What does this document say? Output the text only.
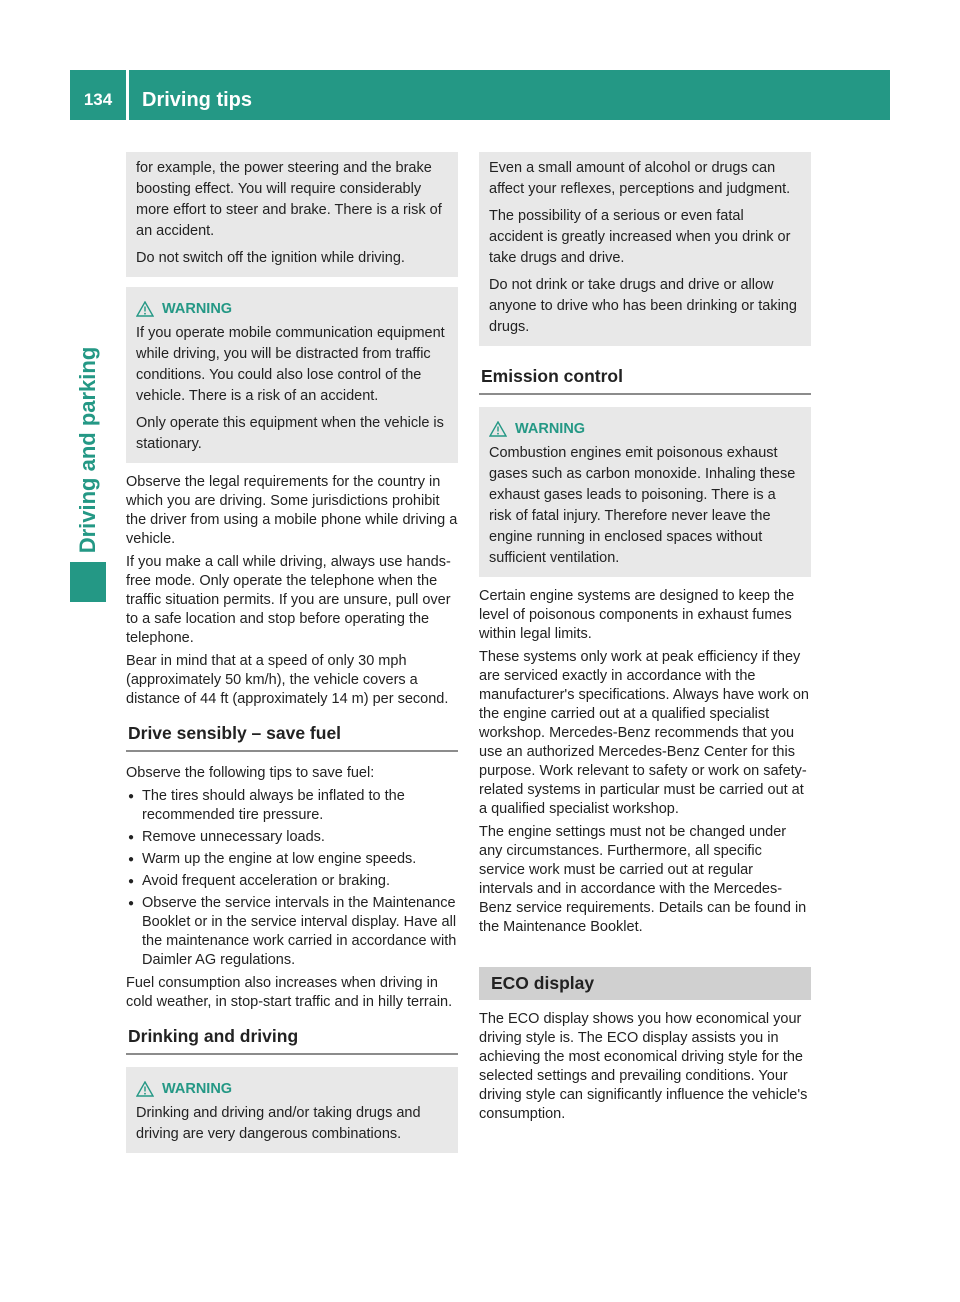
134	Driving tips
Driving and parking

for example, the power steering and the brake boosting effect. You will require considerably more effort to steer and brake. There is a risk of an accident.

Do not switch off the ignition while driving.

WARNING

If you operate mobile communication equipment while driving, you will be distracted from traffic conditions. You could also lose control of the vehicle. There is a risk of an accident.

Only operate this equipment when the vehicle is stationary.

Observe the legal requirements for the country in which you are driving. Some jurisdictions prohibit the driver from using a mobile phone while driving a vehicle.

If you make a call while driving, always use hands-free mode. Only operate the telephone when the traffic situation permits. If you are unsure, pull over to a safe location and stop before operating the telephone.

Bear in mind that at a speed of only 30 mph (approximately 50 km/h), the vehicle covers a distance of 44 ft (approximately 14 m) per second.

Drive sensibly – save fuel

Observe the following tips to save fuel:

● The tires should always be inflated to the recommended tire pressure.
● Remove unnecessary loads.
● Warm up the engine at low engine speeds.
● Avoid frequent acceleration or braking.
● Observe the service intervals in the Maintenance Booklet or in the service interval display. Have all the maintenance work carried in accordance with Daimler AG regulations.

Fuel consumption also increases when driving in cold weather, in stop-start traffic and in hilly terrain.

Drinking and driving
WARNING

Drinking and driving and/or taking drugs and driving are very dangerous combinations.

Even a small amount of alcohol or drugs can affect your reflexes, perceptions and judgment.

The possibility of a serious or even fatal accident is greatly increased when you drink or take drugs and drive.

Do not drink or take drugs and drive or allow anyone to drive who has been drinking or taking drugs.

Emission control
WARNING

Combustion engines emit poisonous exhaust gases such as carbon monoxide. Inhaling these exhaust gases leads to poisoning. There is a risk of fatal injury. Therefore never leave the engine running in enclosed spaces without sufficient ventilation.

Certain engine systems are designed to keep the level of poisonous components in exhaust fumes within legal limits.

These systems only work at peak efficiency if they are serviced exactly in accordance with the manufacturer's specifications. Always have work on the engine carried out at a qualified specialist workshop. Mercedes-Benz recommends that you use an authorized Mercedes-Benz Center for this purpose. Work relevant to safety or work on safety-related systems in particular must be carried out at a qualified specialist workshop.

The engine settings must not be changed under any circumstances. Furthermore, all specific service work must be carried out at regular intervals and in accordance with the Mercedes-Benz service requirements. Details can be found in the Maintenance Booklet.

ECO display

The ECO display shows you how economical your driving style is. The ECO display assists you in achieving the most economical driving style for the selected settings and prevailing conditions. Your driving style can significantly influence the vehicle's consumption.
